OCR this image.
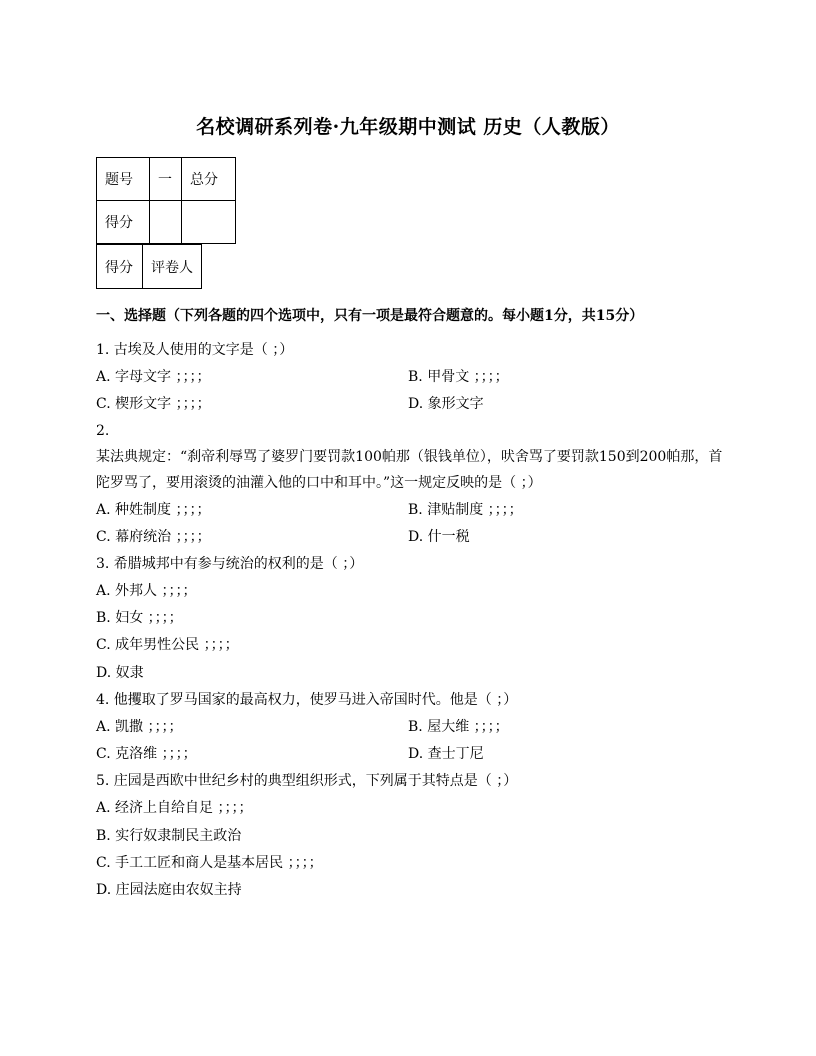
名校调研系列卷·九年级期中测试 历史（人教版）
题号	一	总分
得分		
得分	评卷人
一、选择题（下列各题的四个选项中，只有一项是最符合题意的。每小题1分，共15分）
1. 古埃及人使用的文字是（ ；）
A. 字母文字 ；；；；	B. 甲骨文 ；；；；
C. 楔形文字 ；；；；	D. 象形文字
2.
某法典规定：“刹帝利辱骂了婆罗门要罚款100帕那（银钱单位），吠舍骂了要罚款150到200帕那，首
陀罗骂了，要用滚烫的油灌入他的口中和耳中。”这一规定反映的是（ ；）
A. 种姓制度 ；；；；	B. 津贴制度 ；；；；
C. 幕府统治 ；；；；	D. 什一税
3. 希腊城邦中有参与统治的权利的是（ ；）
A. 外邦人 ；；；；
B. 妇女 ；；；；
C. 成年男性公民 ；；；；
D. 奴隶
4. 他攫取了罗马国家的最高权力，使罗马进入帝国时代。他是（ ；）
A. 凯撒 ；；；；	B. 屋大维 ；；；；
C. 克洛维 ；；；；	D. 查士丁尼
5. 庄园是西欧中世纪乡村的典型组织形式，下列属于其特点是（ ；）
A. 经济上自给自足 ；；；；
B. 实行奴隶制民主政治
C. 手工工匠和商人是基本居民 ；；；；
D. 庄园法庭由农奴主持
